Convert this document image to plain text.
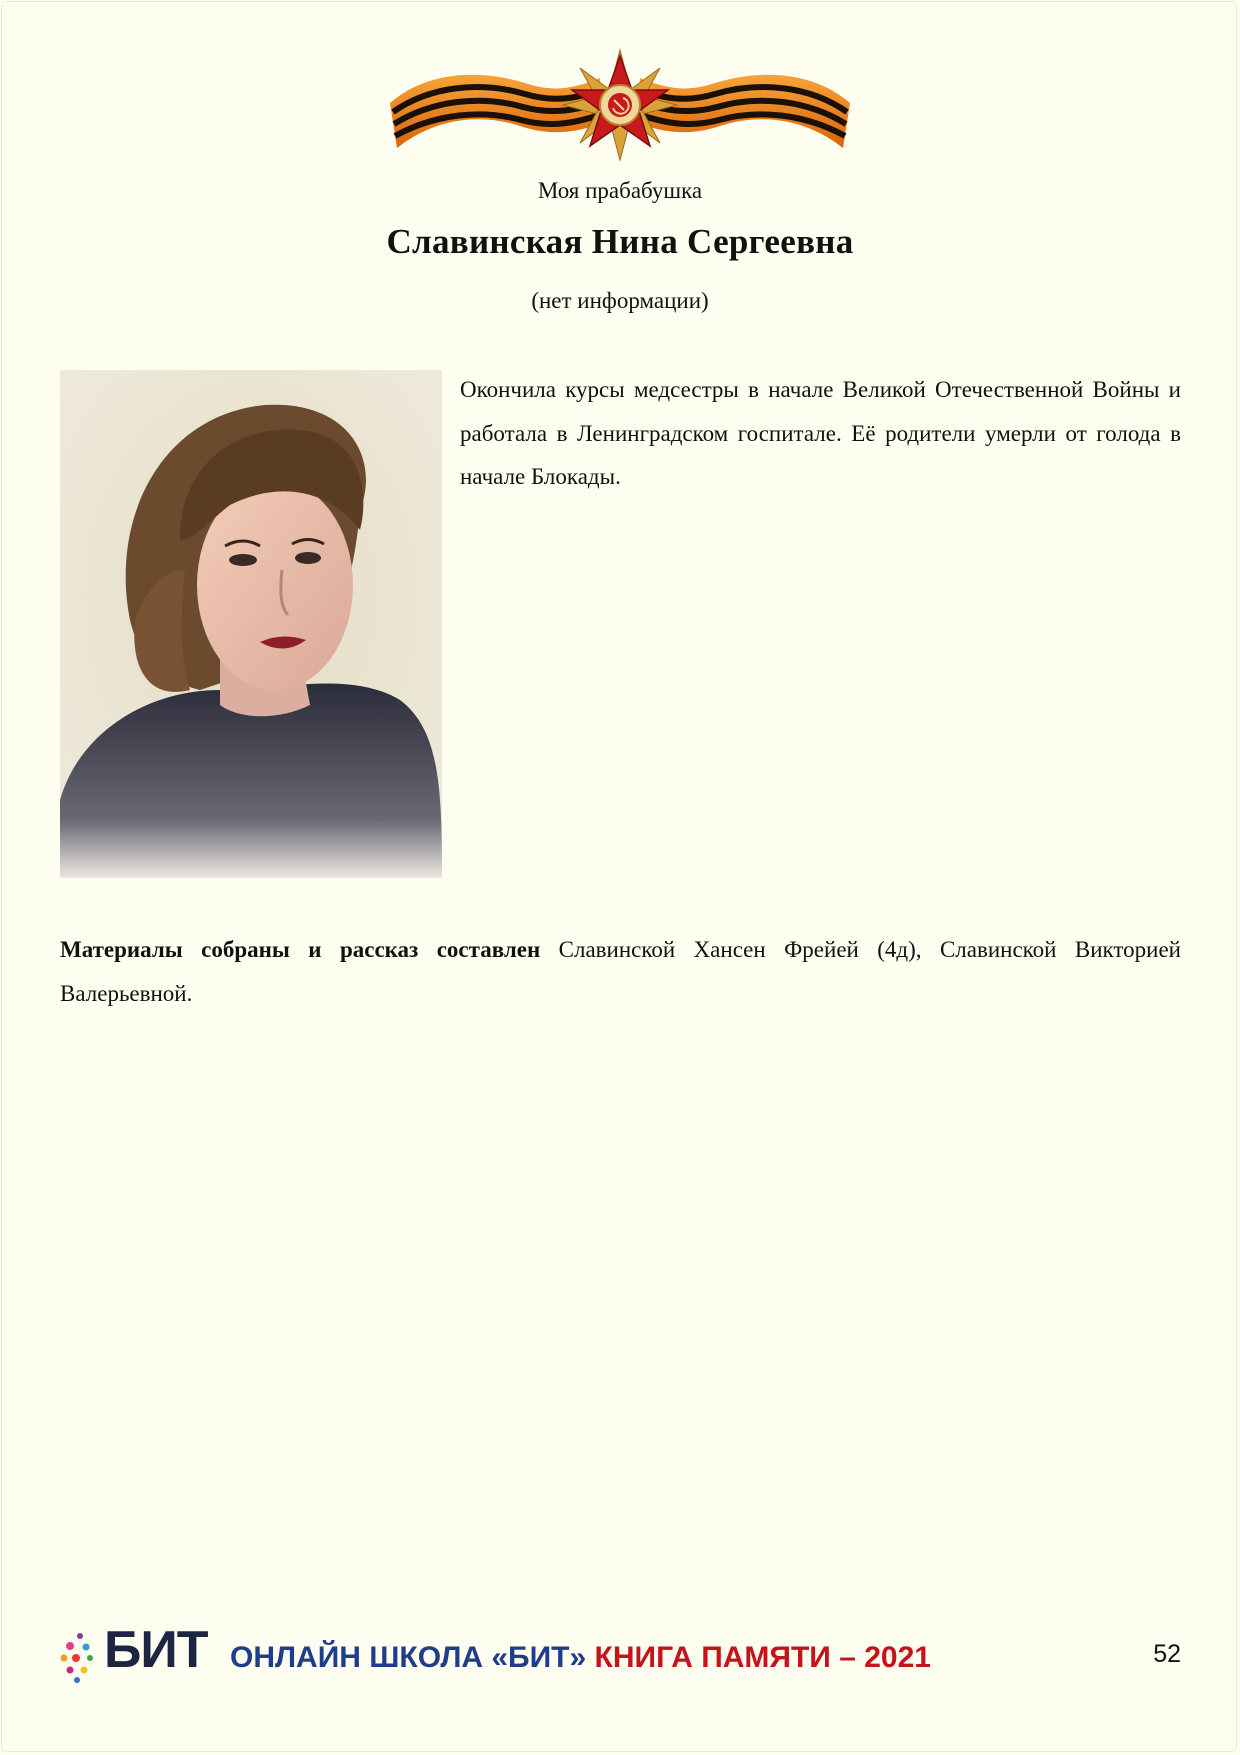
Моя прабабушка
Славинская Нина Сергеевна
(нет информации)

Окончила курсы медсестры в начале Великой Отечественной Войны и работала в Ленинградском госпитале. Её родители умерли от голода в начале Блокады.

Материалы собраны и рассказ составлен Славинской Хансен Фрейей (4д), Славинской Викторией Валерьевной.

БИТ ОНЛАЙН ШКОЛА «БИТ» КНИГА ПАМЯТИ – 2021	52
